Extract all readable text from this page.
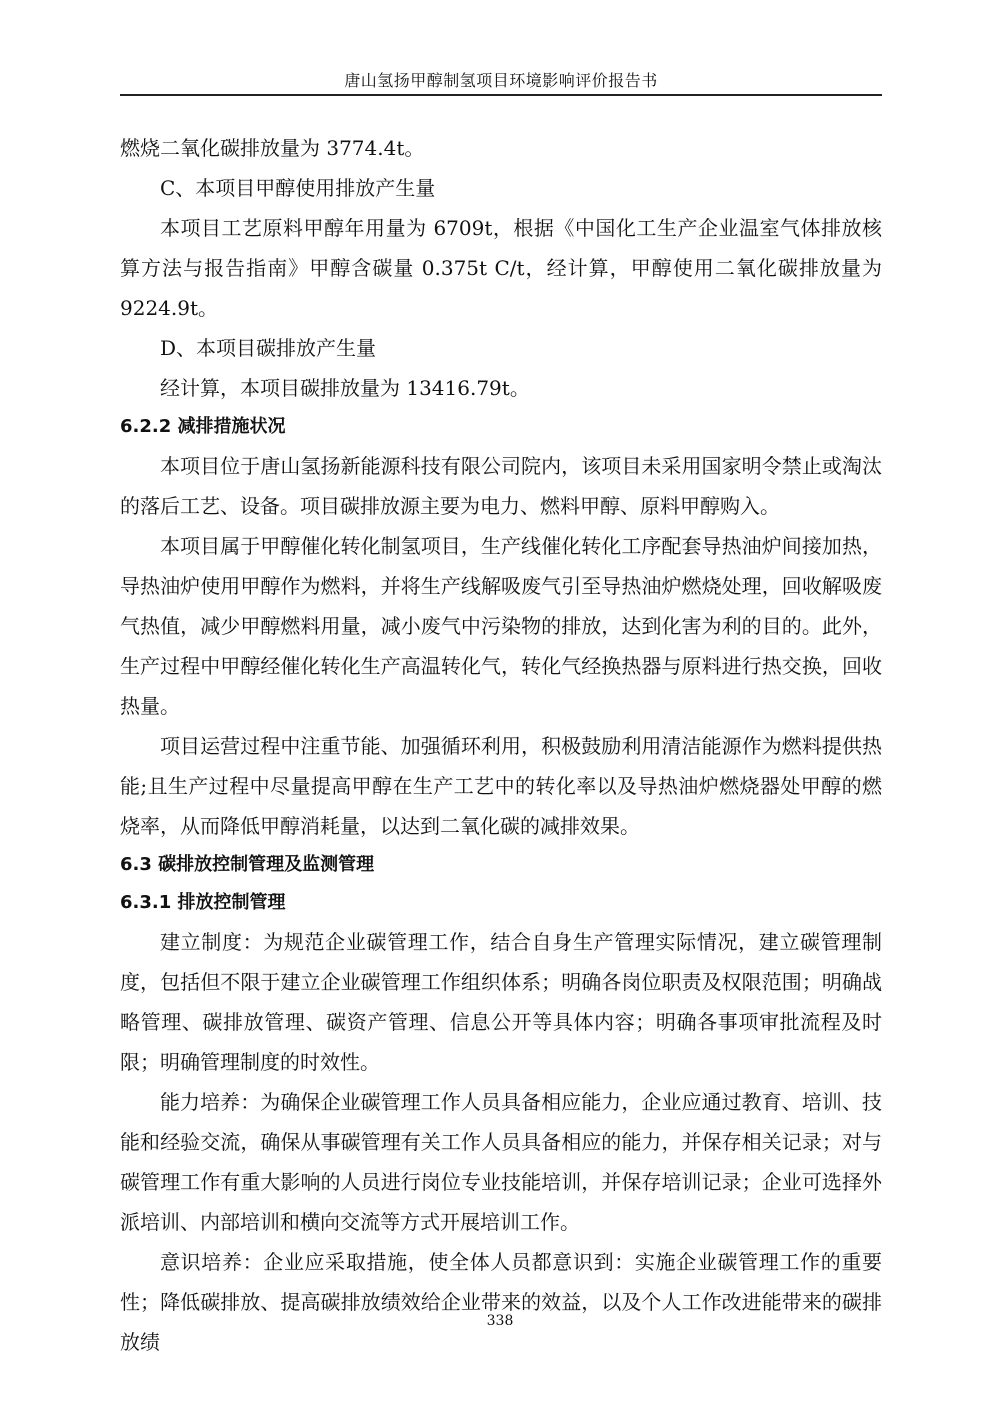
唐山氢扬甲醇制氢项目环境影响评价报告书

燃烧二氧化碳排放量为 3774.4t。

C、本项目甲醇使用排放产生量

本项目工艺原料甲醇年用量为 6709t，根据《中国化工生产企业温室气体排放核算方法与报告指南》甲醇含碳量 0.375t C/t，经计算，甲醇使用二氧化碳排放量为 9224.9t。

D、本项目碳排放产生量

经计算，本项目碳排放量为 13416.79t。

6.2.2 减排措施状况

本项目位于唐山氢扬新能源科技有限公司院内，该项目未采用国家明令禁止或淘汰的落后工艺、设备。项目碳排放源主要为电力、燃料甲醇、原料甲醇购入。

本项目属于甲醇催化转化制氢项目，生产线催化转化工序配套导热油炉间接加热，导热油炉使用甲醇作为燃料，并将生产线解吸废气引至导热油炉燃烧处理，回收解吸废气热值，减少甲醇燃料用量，减小废气中污染物的排放，达到化害为利的目的。此外，生产过程中甲醇经催化转化生产高温转化气，转化气经换热器与原料进行热交换，回收热量。

项目运营过程中注重节能、加强循环利用，积极鼓励利用清洁能源作为燃料提供热能;且生产过程中尽量提高甲醇在生产工艺中的转化率以及导热油炉燃烧器处甲醇的燃烧率，从而降低甲醇消耗量，以达到二氧化碳的减排效果。

6.3 碳排放控制管理及监测管理

6.3.1 排放控制管理

建立制度：为规范企业碳管理工作，结合自身生产管理实际情况，建立碳管理制度，包括但不限于建立企业碳管理工作组织体系；明确各岗位职责及权限范围；明确战略管理、碳排放管理、碳资产管理、信息公开等具体内容；明确各事项审批流程及时限；明确管理制度的时效性。

能力培养：为确保企业碳管理工作人员具备相应能力，企业应通过教育、培训、技能和经验交流，确保从事碳管理有关工作人员具备相应的能力，并保存相关记录；对与碳管理工作有重大影响的人员进行岗位专业技能培训，并保存培训记录；企业可选择外派培训、内部培训和横向交流等方式开展培训工作。

意识培养：企业应采取措施，使全体人员都意识到：实施企业碳管理工作的重要性；降低碳排放、提高碳排放绩效给企业带来的效益，以及个人工作改进能带来的碳排放绩

338
